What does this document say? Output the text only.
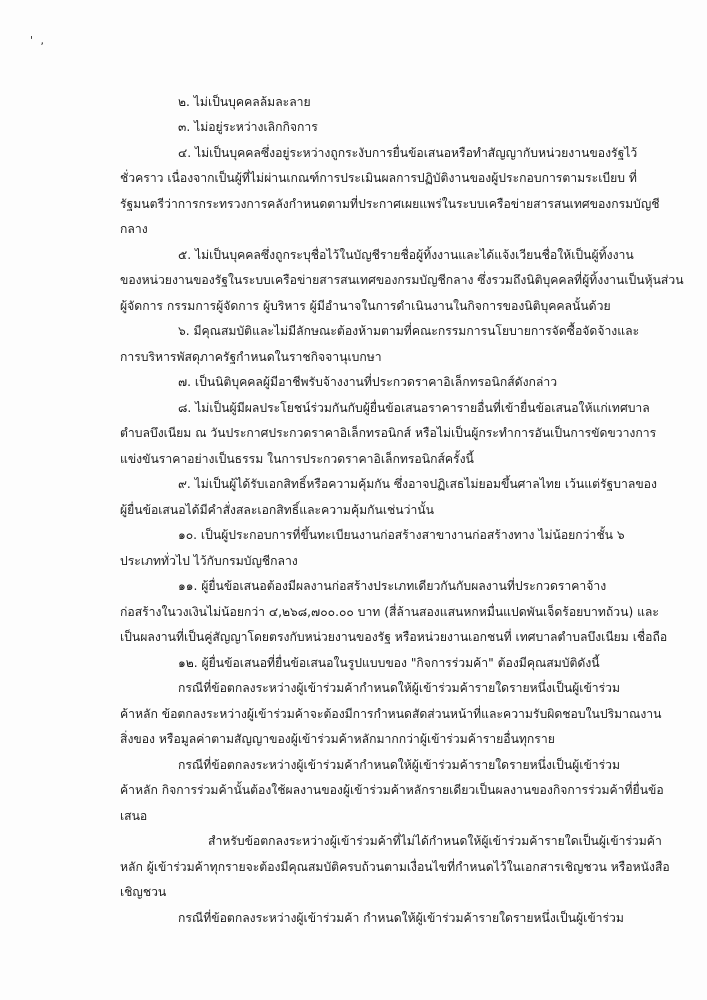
' ,
๒. ไม่เป็นบุคคลล้มละลาย
๓. ไม่อยู่ระหว่างเลิกกิจการ
๔. ไม่เป็นบุคคลซึ่งอยู่ระหว่างถูกระงับการยื่นข้อเสนอหรือทำสัญญากับหน่วยงานของรัฐไว้
ชั่วคราว เนื่องจากเป็นผู้ที่ไม่ผ่านเกณฑ์การประเมินผลการปฏิบัติงานของผู้ประกอบการตามระเบียบ ที่
รัฐมนตรีว่าการกระทรวงการคลังกำหนดตามที่ประกาศเผยแพร่ในระบบเครือข่ายสารสนเทศของกรมบัญชี
กลาง
๕. ไม่เป็นบุคคลซึ่งถูกระบุชื่อไว้ในบัญชีรายชื่อผู้ทิ้งงานและได้แจ้งเวียนชื่อให้เป็นผู้ทิ้งงาน
ของหน่วยงานของรัฐในระบบเครือข่ายสารสนเทศของกรมบัญชีกลาง ซึ่งรวมถึงนิติบุคคลที่ผู้ทิ้งงานเป็นหุ้นส่วน
ผู้จัดการ กรรมการผู้จัดการ ผู้บริหาร ผู้มีอำนาจในการดำเนินงานในกิจการของนิติบุคคลนั้นด้วย
๖. มีคุณสมบัติและไม่มีลักษณะต้องห้ามตามที่คณะกรรมการนโยบายการจัดซื้อจัดจ้างและ
การบริหารพัสดุภาครัฐกำหนดในราชกิจจานุเบกษา
๗. เป็นนิติบุคคลผู้มีอาชีพรับจ้างงานที่ประกวดราคาอิเล็กทรอนิกส์ดังกล่าว
๘. ไม่เป็นผู้มีผลประโยชน์ร่วมกันกับผู้ยื่นข้อเสนอราคารายอื่นที่เข้ายื่นข้อเสนอให้แก่เทศบาล
ตำบลบึงเนียม ณ วันประกาศประกวดราคาอิเล็กทรอนิกส์ หรือไม่เป็นผู้กระทำการอันเป็นการขัดขวางการ
แข่งขันราคาอย่างเป็นธรรม ในการประกวดราคาอิเล็กทรอนิกส์ครั้งนี้
๙. ไม่เป็นผู้ได้รับเอกสิทธิ์หรือความคุ้มกัน ซึ่งอาจปฏิเสธไม่ยอมขึ้นศาลไทย เว้นแต่รัฐบาลของ
ผู้ยื่นข้อเสนอได้มีคำสั่งสละเอกสิทธิ์และความคุ้มกันเช่นว่านั้น
๑๐. เป็นผู้ประกอบการที่ขึ้นทะเบียนงานก่อสร้างสาขางานก่อสร้างทาง ไม่น้อยกว่าชั้น ๖
ประเภททั่วไป ไว้กับกรมบัญชีกลาง
๑๑. ผู้ยื่นข้อเสนอต้องมีผลงานก่อสร้างประเภทเดียวกันกับผลงานที่ประกวดราคาจ้าง
ก่อสร้างในวงเงินไม่น้อยกว่า ๔,๒๖๘,๗๐๐.๐๐ บาท (สี่ล้านสองแสนหกหมื่นแปดพันเจ็ดร้อยบาทถ้วน) และ
เป็นผลงานที่เป็นคู่สัญญาโดยตรงกับหน่วยงานของรัฐ หรือหน่วยงานเอกชนที่ เทศบาลตำบลบึงเนียม เชื่อถือ
๑๒. ผู้ยื่นข้อเสนอที่ยื่นข้อเสนอในรูปแบบของ "กิจการร่วมค้า" ต้องมีคุณสมบัติดังนี้
กรณีที่ข้อตกลงระหว่างผู้เข้าร่วมค้ากำหนดให้ผู้เข้าร่วมค้ารายใดรายหนึ่งเป็นผู้เข้าร่วม
ค้าหลัก ข้อตกลงระหว่างผู้เข้าร่วมค้าจะต้องมีการกำหนดสัดส่วนหน้าที่และความรับผิดชอบในปริมาณงาน
สิ่งของ หรือมูลค่าตามสัญญาของผู้เข้าร่วมค้าหลักมากกว่าผู้เข้าร่วมค้ารายอื่นทุกราย
กรณีที่ข้อตกลงระหว่างผู้เข้าร่วมค้ากำหนดให้ผู้เข้าร่วมค้ารายใดรายหนึ่งเป็นผู้เข้าร่วม
ค้าหลัก กิจการร่วมค้านั้นต้องใช้ผลงานของผู้เข้าร่วมค้าหลักรายเดียวเป็นผลงานของกิจการร่วมค้าที่ยื่นข้อ
เสนอ
สำหรับข้อตกลงระหว่างผู้เข้าร่วมค้าที่ไม่ได้กำหนดให้ผู้เข้าร่วมค้ารายใดเป็นผู้เข้าร่วมค้า
หลัก ผู้เข้าร่วมค้าทุกรายจะต้องมีคุณสมบัติครบถ้วนตามเงื่อนไขที่กำหนดไว้ในเอกสารเชิญชวน หรือหนังสือ
เชิญชวน
กรณีที่ข้อตกลงระหว่างผู้เข้าร่วมค้า กำหนดให้ผู้เข้าร่วมค้ารายใดรายหนึ่งเป็นผู้เข้าร่วม
